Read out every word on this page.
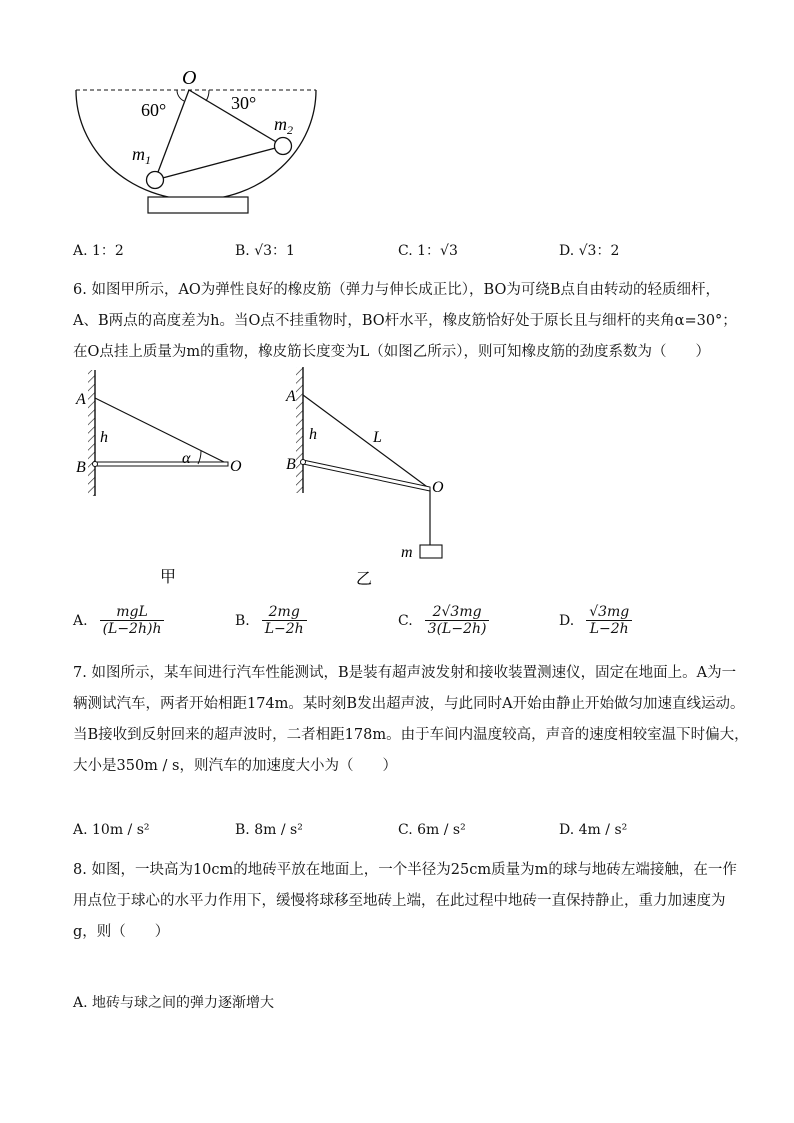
O
60°	30°
$m_1$
$m_2$
A. 1：2	B. √3：1	C. 1：√3	D. √3：2
6. 如图甲所示，AO为弹性良好的橡皮筋（弹力与伸长成正比），BO为可绕B点自由转动的轻质细杆，
A、B两点的高度差为h。当O点不挂重物时，BO杆水平，橡皮筋恰好处于原长且与细杆的夹角α=30°；
在O点挂上质量为m的重物，橡皮筋长度变为L（如图乙所示），则可知橡皮筋的劲度系数为（　　）
A
h
B
α O
甲
A
h	L
B
O
m
乙
A. $\frac{\text{mgL}}{(L-2h)h}$	B. $\frac{2mg}{L-2h}$	C. $\frac{2√3mg}{3(L-2h)}$	D. $\frac{√3mg}{L-2h}$
7. 如图所示，某车间进行汽车性能测试，B是装有超声波发射和接收装置测速仪，固定在地面上。A为一
辆测试汽车，两者开始相距174m。某时刻B发出超声波，与此同时A开始由静止开始做匀加速直线运动。
当B接收到反射回来的超声波时，二者相距178m。由于车间内温度较高，声音的速度相较室温下时偏大，
大小是350m / s，则汽车的加速度大小为（　　）
A. 10m / s²	B. 8m / s²	C. 6m / s²	D. 4m / s²
8. 如图，一块高为10cm的地砖平放在地面上，一个半径为25cm质量为m的球与地砖左端接触，在一作
用点位于球心的水平力作用下，缓慢将球移至地砖上端，在此过程中地砖一直保持静止，重力加速度为
g，则（　　）
A. 地砖与球之间的弹力逐渐增大
